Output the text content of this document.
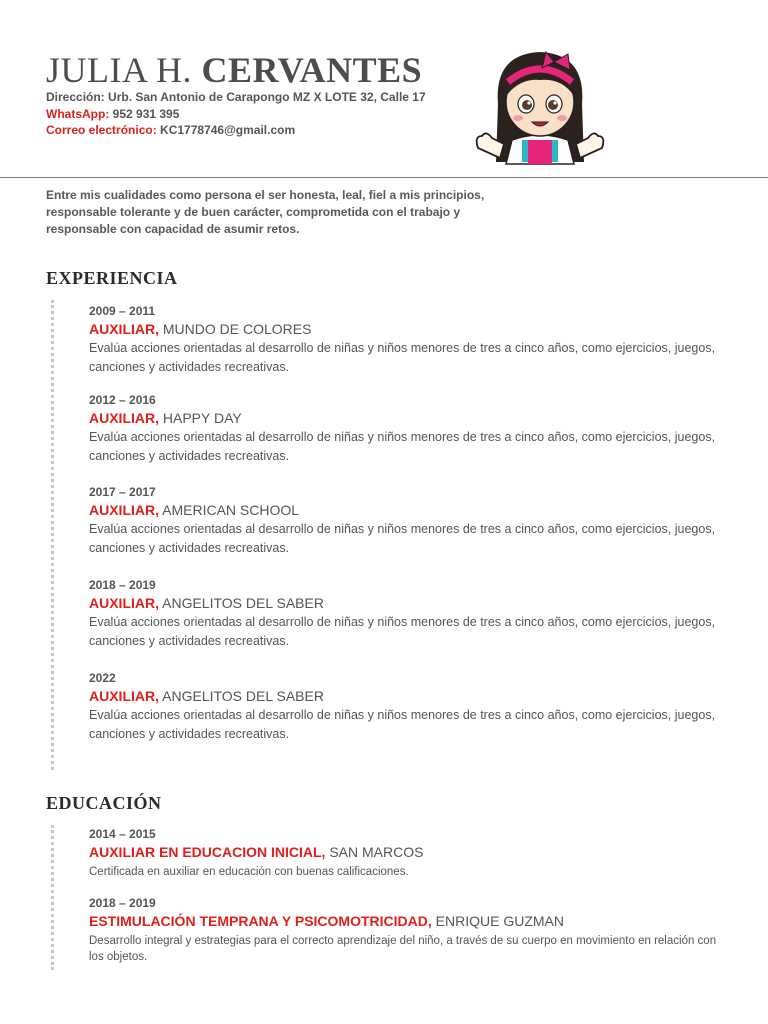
JULIA H. CERVANTES
Dirección: Urb. San Antonio de Carapongo MZ X LOTE 32, Calle 17
WhatsApp: 952 931 395
Correo electrónico: KC1778746@gmail.com
Entre mis cualidades como persona el ser honesta, leal, fiel a mis principios, responsable tolerante y de buen carácter, comprometida con el trabajo y responsable con capacidad de asumir retos.
EXPERIENCIA
2009 – 2011
AUXILIAR, MUNDO DE COLORES
Evalúa acciones orientadas al desarrollo de niñas y niños menores de tres a cinco años, como ejercicios, juegos, canciones y actividades recreativas.
2012 – 2016
AUXILIAR, HAPPY DAY
Evalúa acciones orientadas al desarrollo de niñas y niños menores de tres a cinco años, como ejercicios, juegos, canciones y actividades recreativas.
2017 – 2017
AUXILIAR, AMERICAN SCHOOL
Evalúa acciones orientadas al desarrollo de niñas y niños menores de tres a cinco años, como ejercicios, juegos, canciones y actividades recreativas.
2018 – 2019
AUXILIAR, ANGELITOS DEL SABER
Evalúa acciones orientadas al desarrollo de niñas y niños menores de tres a cinco años, como ejercicios, juegos, canciones y actividades recreativas.
2022
AUXILIAR, ANGELITOS DEL SABER
Evalúa acciones orientadas al desarrollo de niñas y niños menores de tres a cinco años, como ejercicios, juegos, canciones y actividades recreativas.
EDUCACIÓN
2014 – 2015
AUXILIAR EN EDUCACION INICIAL, SAN MARCOS
Certificada en auxiliar en educación con buenas calificaciones.
2018 – 2019
ESTIMULACIÓN TEMPRANA Y PSICOMOTRICIDAD, ENRIQUE GUZMAN
Desarrollo integral y estrategias para el correcto aprendizaje del niño, a través de su cuerpo en movimiento en relación con los objetos.
